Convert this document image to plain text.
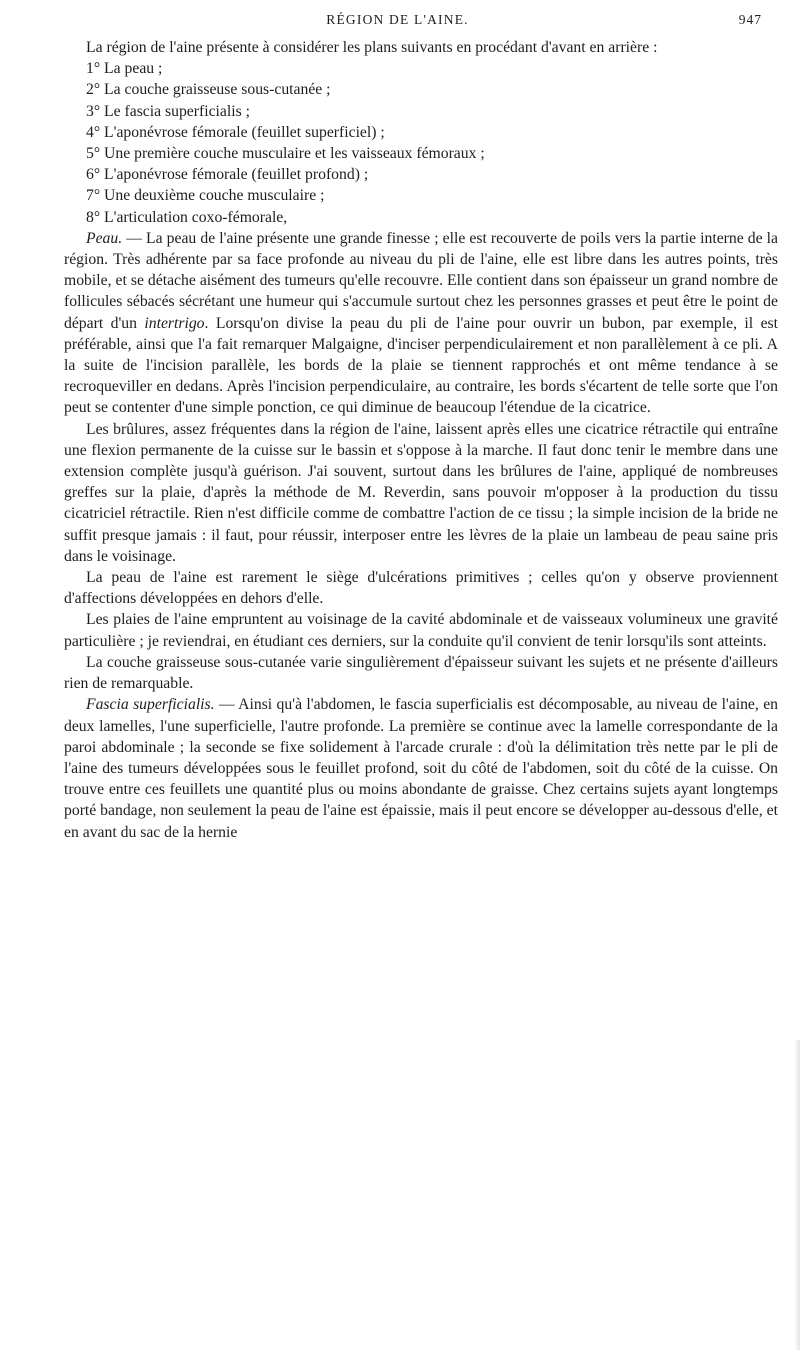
RÉGION DE L'AINE.	947

La région de l'aine présente à considérer les plans suivants en procédant d'avant en arrière :

1° La peau ;

2° La couche graisseuse sous-cutanée ;

3° Le fascia superficialis ;

4° L'aponévrose fémorale (feuillet superficiel) ;

5° Une première couche musculaire et les vaisseaux fémoraux ;

6° L'aponévrose fémorale (feuillet profond) ;

7° Une deuxième couche musculaire ;

8° L'articulation coxo-fémorale,

Peau. — La peau de l'aine présente une grande finesse ; elle est recouverte de poils vers la partie interne de la région. Très adhérente par sa face profonde au niveau du pli de l'aine, elle est libre dans les autres points, très mobile, et se détache aisément des tumeurs qu'elle recouvre. Elle contient dans son épaisseur un grand nombre de follicules sébacés sécrétant une humeur qui s'accumule surtout chez les personnes grasses et peut être le point de départ d'un intertrigo. Lorsqu'on divise la peau du pli de l'aine pour ouvrir un bubon, par exemple, il est préférable, ainsi que l'a fait remarquer Malgaigne, d'inciser perpendiculairement et non parallèlement à ce pli. A la suite de l'incision parallèle, les bords de la plaie se tiennent rapprochés et ont même tendance à se recroqueviller en dedans. Après l'incision perpendiculaire, au contraire, les bords s'écartent de telle sorte que l'on peut se contenter d'une simple ponction, ce qui diminue de beaucoup l'étendue de la cicatrice.

Les brûlures, assez fréquentes dans la région de l'aine, laissent après elles une cicatrice rétractile qui entraîne une flexion permanente de la cuisse sur le bassin et s'oppose à la marche. Il faut donc tenir le membre dans une extension complète jusqu'à guérison. J'ai souvent, surtout dans les brûlures de l'aine, appliqué de nombreuses greffes sur la plaie, d'après la méthode de M. Reverdin, sans pouvoir m'opposer à la production du tissu cicatriciel rétractile. Rien n'est difficile comme de combattre l'action de ce tissu ; la simple incision de la bride ne suffit presque jamais : il faut, pour réussir, interposer entre les lèvres de la plaie un lambeau de peau saine pris dans le voisinage.

La peau de l'aine est rarement le siège d'ulcérations primitives ; celles qu'on y observe proviennent d'affections développées en dehors d'elle.

Les plaies de l'aine empruntent au voisinage de la cavité abdominale et de vaisseaux volumineux une gravité particulière ; je reviendrai, en étudiant ces derniers, sur la conduite qu'il convient de tenir lorsqu'ils sont atteints.

La couche graisseuse sous-cutanée varie singulièrement d'épaisseur suivant les sujets et ne présente d'ailleurs rien de remarquable.

Fascia superficialis. — Ainsi qu'à l'abdomen, le fascia superficialis est décomposable, au niveau de l'aine, en deux lamelles, l'une superficielle, l'autre profonde. La première se continue avec la lamelle correspondante de la paroi abdominale ; la seconde se fixe solidement à l'arcade crurale : d'où la délimitation très nette par le pli de l'aine des tumeurs développées sous le feuillet profond, soit du côté de l'abdomen, soit du côté de la cuisse. On trouve entre ces feuillets une quantité plus ou moins abondante de graisse. Chez certains sujets ayant longtemps porté bandage, non seulement la peau de l'aine est épaissie, mais il peut encore se développer au-dessous d'elle, et en avant du sac de la hernie
